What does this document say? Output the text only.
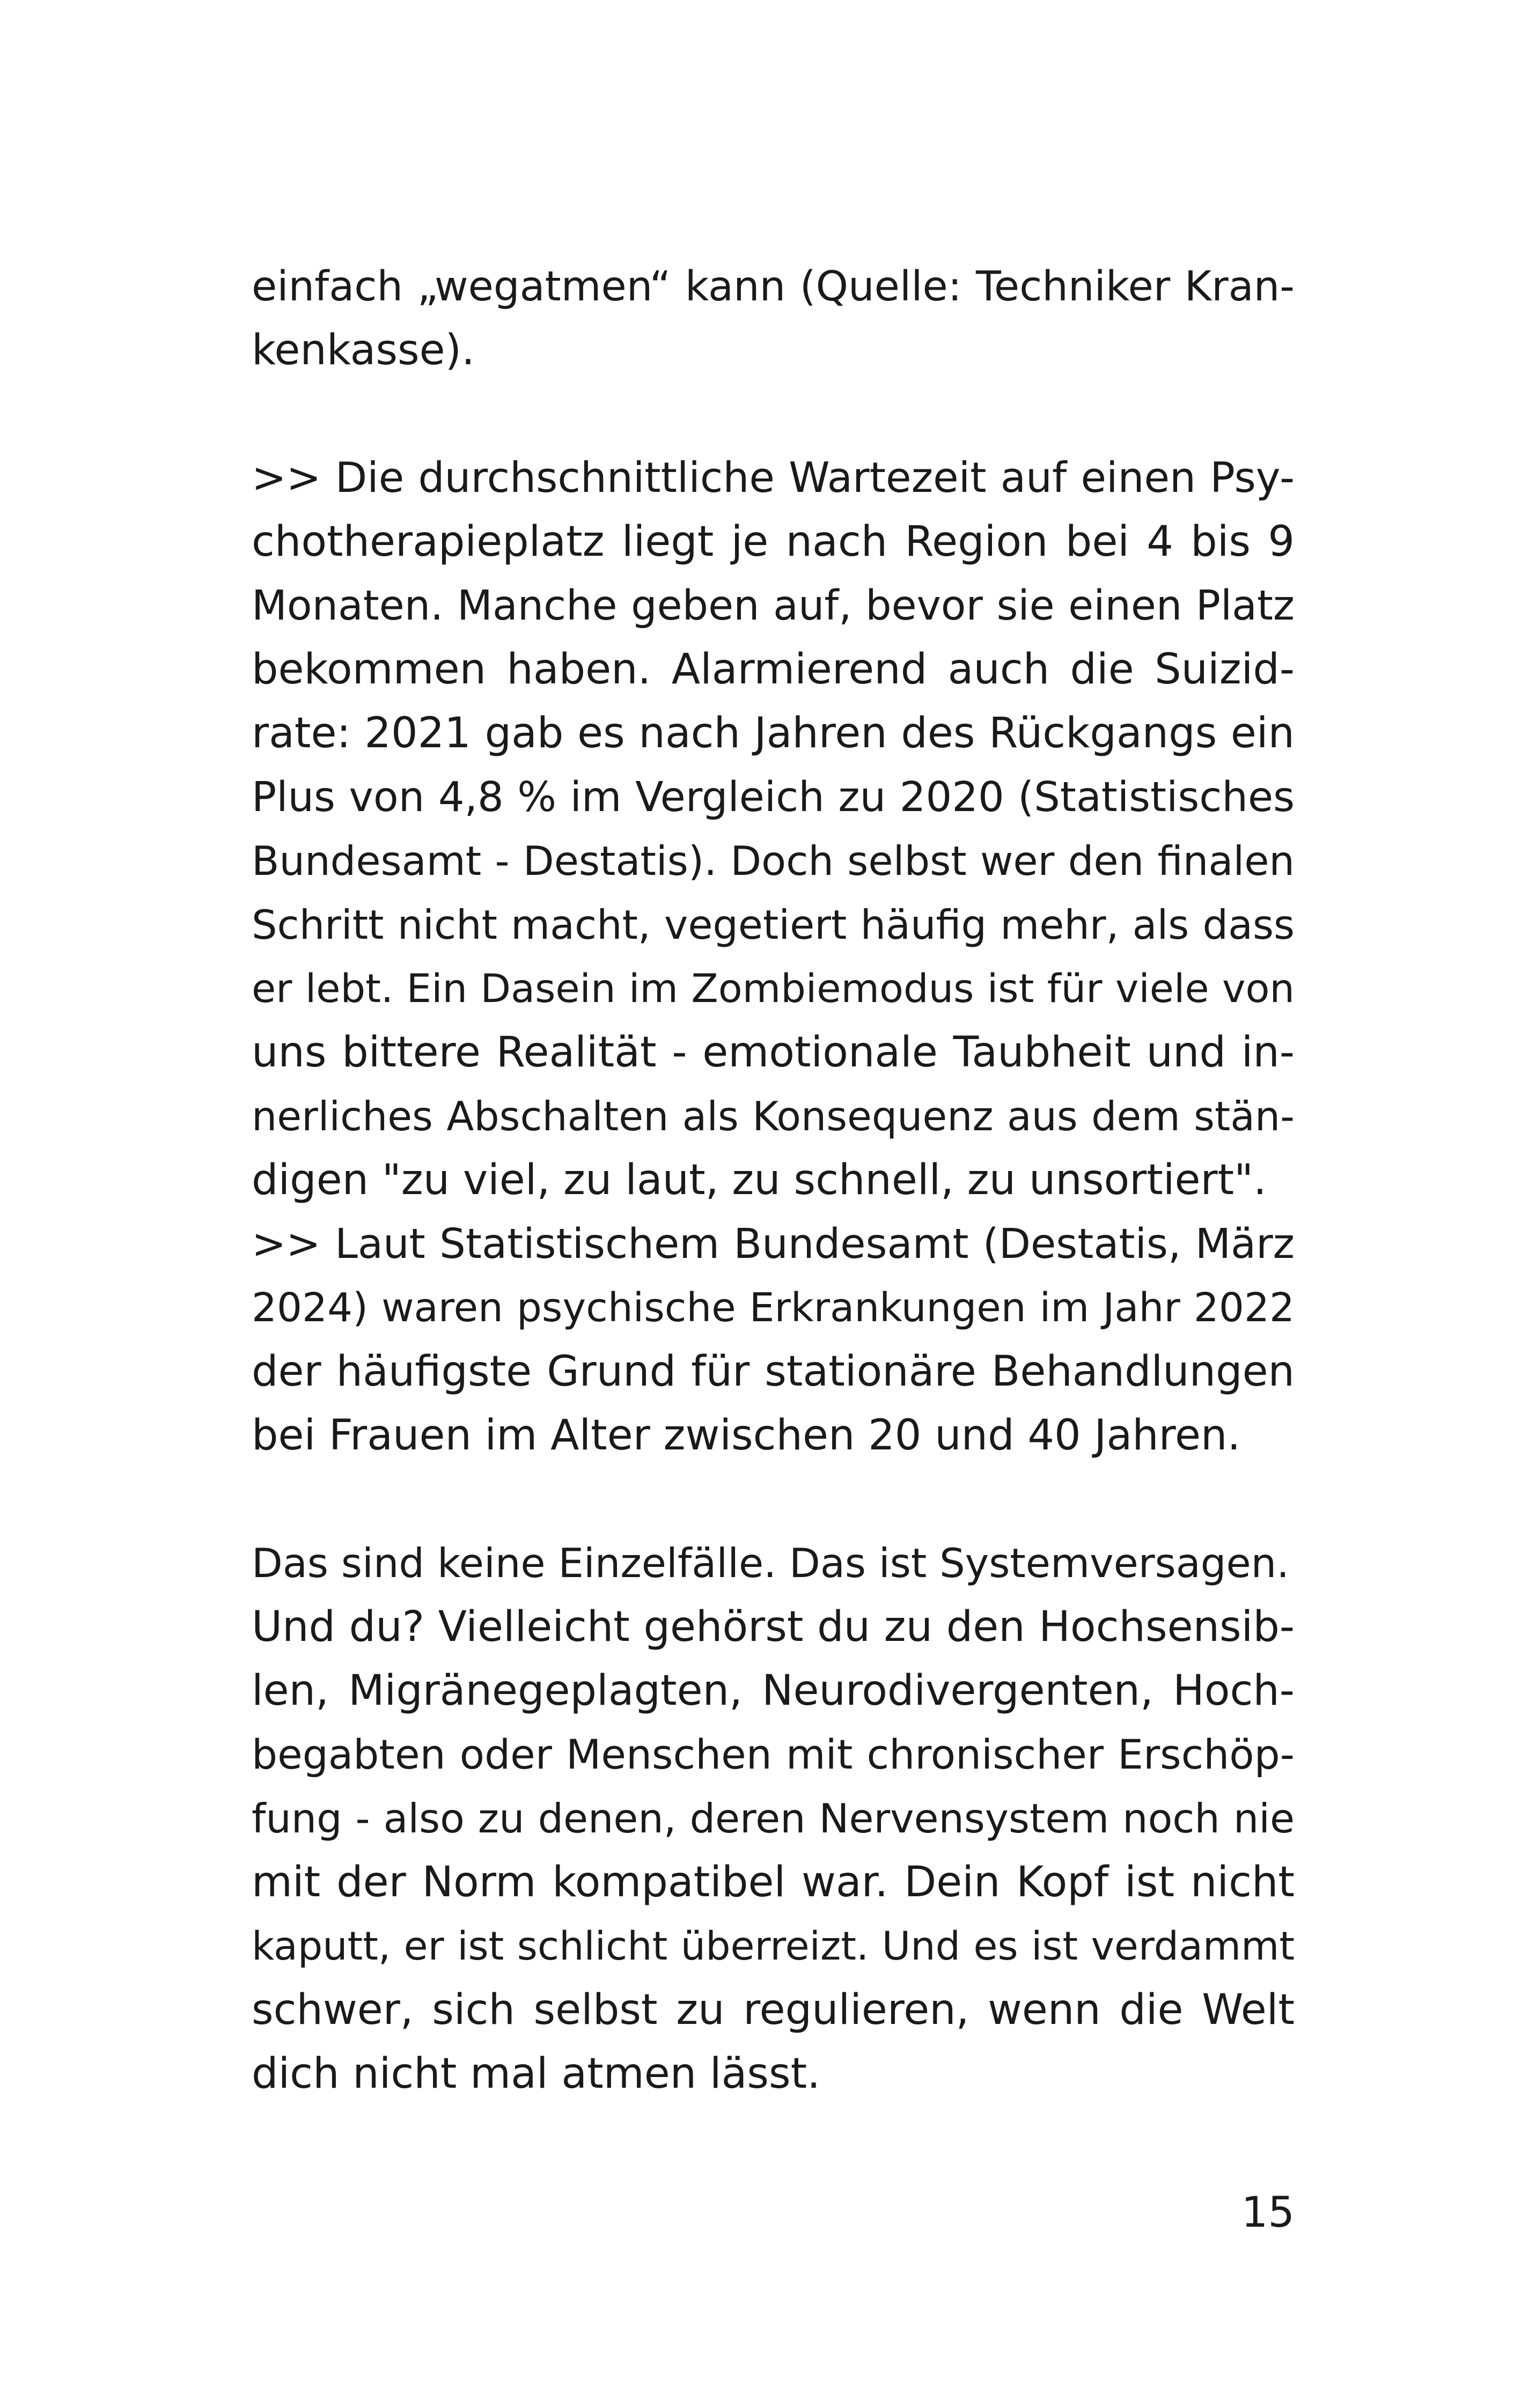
einfach „wegatmen“ kann (Quelle: Techniker Kran-
kenkasse).
>> Die durchschnittliche Wartezeit auf einen Psy-
chotherapieplatz liegt je nach Region bei 4 bis 9
Monaten. Manche geben auf, bevor sie einen Platz
bekommen haben. Alarmierend auch die Suizid-
rate: 2021 gab es nach Jahren des Rückgangs ein
Plus von 4,8 % im Vergleich zu 2020 (Statistisches
Bundesamt - Destatis). Doch selbst wer den finalen
Schritt nicht macht, vegetiert häufig mehr, als dass
er lebt. Ein Dasein im Zombiemodus ist für viele von
uns bittere Realität - emotionale Taubheit und in-
nerliches Abschalten als Konsequenz aus dem stän-
digen "zu viel, zu laut, zu schnell, zu unsortiert".
>> Laut Statistischem Bundesamt (Destatis, März
2024) waren psychische Erkrankungen im Jahr 2022
der häufigste Grund für stationäre Behandlungen
bei Frauen im Alter zwischen 20 und 40 Jahren.
Das sind keine Einzelfälle. Das ist Systemversagen.
Und du? Vielleicht gehörst du zu den Hochsensib-
len, Migränegeplagten, Neurodivergenten, Hoch-
begabten oder Menschen mit chronischer Erschöp-
fung - also zu denen, deren Nervensystem noch nie
mit der Norm kompatibel war. Dein Kopf ist nicht
kaputt, er ist schlicht überreizt. Und es ist verdammt
schwer, sich selbst zu regulieren, wenn die Welt
dich nicht mal atmen lässt.
15
